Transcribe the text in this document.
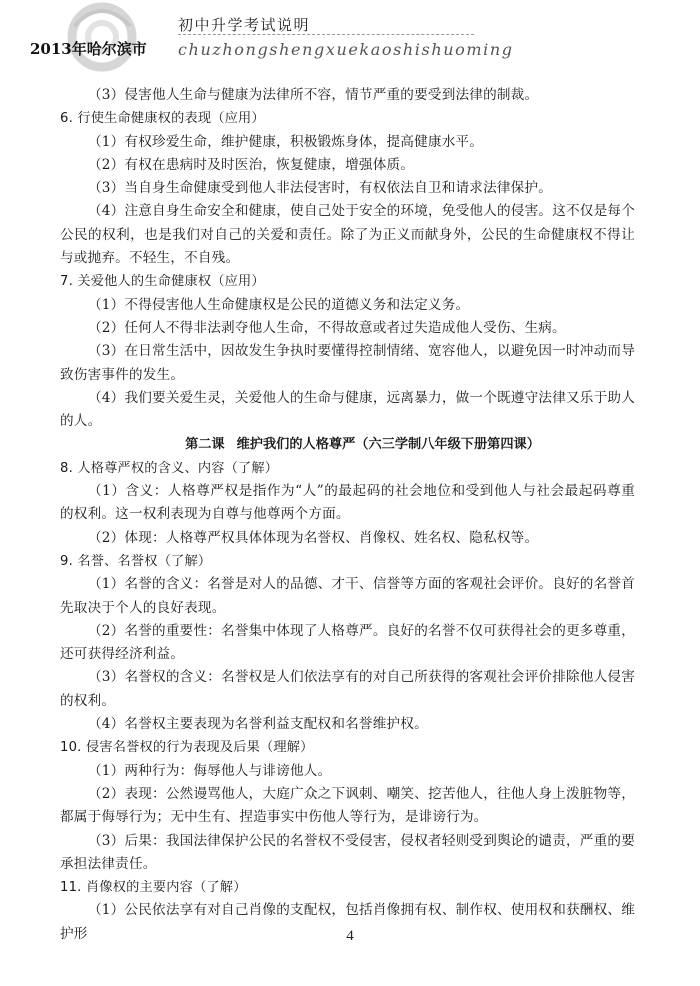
2013年哈尔滨市
初中升学考试说明
chuzhongshengxuekaoshishuoming

（3）侵害他人生命与健康为法律所不容，情节严重的要受到法律的制裁。

6. 行使生命健康权的表现（应用）

（1）有权珍爱生命，维护健康，积极锻炼身体，提高健康水平。

（2）有权在患病时及时医治，恢复健康，增强体质。

（3）当自身生命健康受到他人非法侵害时，有权依法自卫和请求法律保护。

（4）注意自身生命安全和健康，使自己处于安全的环境，免受他人的侵害。这不仅是每个公民的权利，也是我们对自己的关爱和责任。除了为正义而献身外，公民的生命健康权不得让与或抛弃。不轻生，不自残。

7. 关爱他人的生命健康权（应用）

（1）不得侵害他人生命健康权是公民的道德义务和法定义务。

（2）任何人不得非法剥夺他人生命，不得故意或者过失造成他人受伤、生病。

（3）在日常生活中，因故发生争执时要懂得控制情绪、宽容他人，以避免因一时冲动而导致伤害事件的发生。

（4）我们要关爱生灵，关爱他人的生命与健康，远离暴力，做一个既遵守法律又乐于助人的人。

第二课 维护我们的人格尊严（六三学制八年级下册第四课）

8. 人格尊严权的含义、内容（了解）

（1）含义：人格尊严权是指作为“人”的最起码的社会地位和受到他人与社会最起码尊重的权利。这一权利表现为自尊与他尊两个方面。

（2）体现：人格尊严权具体体现为名誉权、肖像权、姓名权、隐私权等。

9. 名誉、名誉权（了解）

（1）名誉的含义：名誉是对人的品德、才干、信誉等方面的客观社会评价。良好的名誉首先取决于个人的良好表现。

（2）名誉的重要性：名誉集中体现了人格尊严。良好的名誉不仅可获得社会的更多尊重，还可获得经济利益。

（3）名誉权的含义：名誉权是人们依法享有的对自己所获得的客观社会评价排除他人侵害的权利。

（4）名誉权主要表现为名誉利益支配权和名誉维护权。

10. 侵害名誉权的行为表现及后果（理解）

（1）两种行为：侮辱他人与诽谤他人。

（2）表现：公然谩骂他人，大庭广众之下讽刺、嘲笑、挖苦他人，往他人身上泼脏物等，都属于侮辱行为；无中生有、捏造事实中伤他人等行为，是诽谤行为。

（3）后果：我国法律保护公民的名誉权不受侵害，侵权者轻则受到舆论的谴责，严重的要承担法律责任。

11. 肖像权的主要内容（了解）

（1）公民依法享有对自己肖像的支配权，包括肖像拥有权、制作权、使用权和获酬权、维护形	4
